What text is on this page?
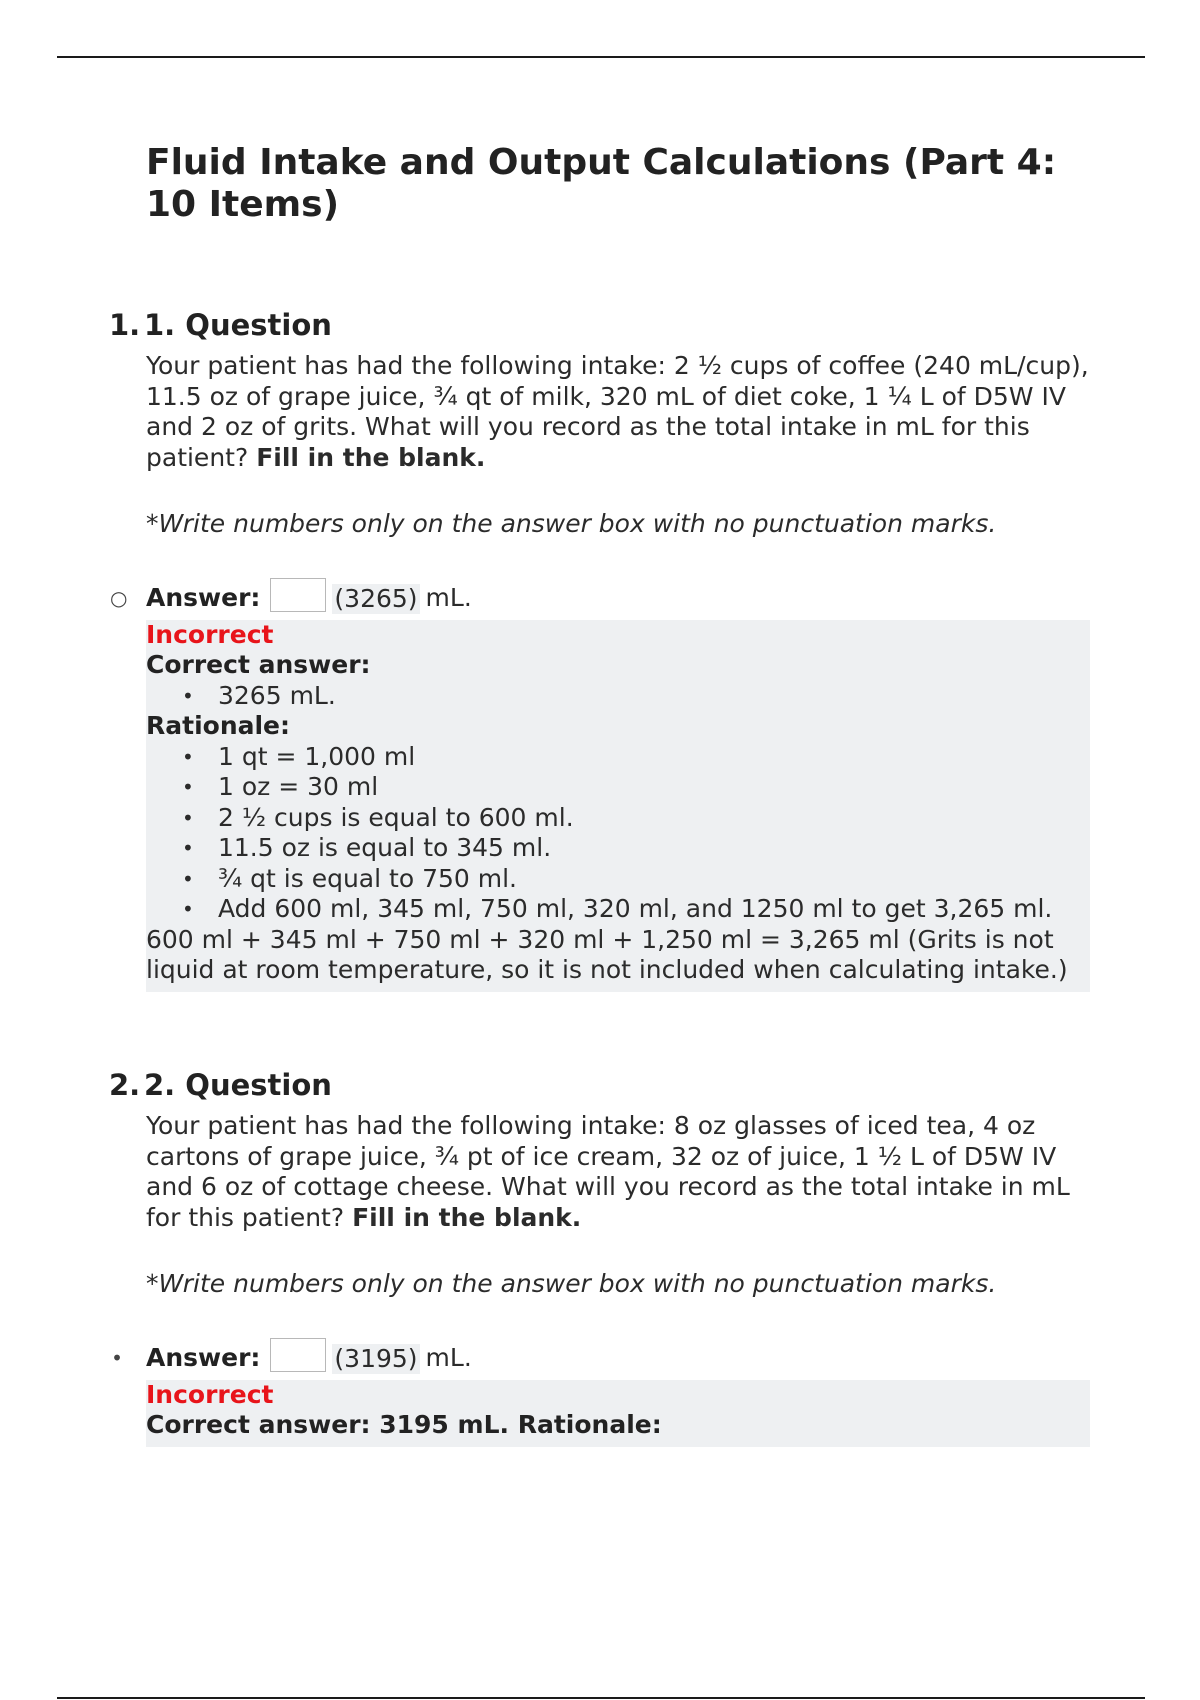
Fluid Intake and Output Calculations (Part 4: 10 Items)
1. 1. Question

Your patient has had the following intake: 2 ½ cups of coffee (240 mL/cup), 11.5 oz of grape juice, ¾ qt of milk, 320 mL of diet coke, 1 ¼ L of D5W IV and 2 oz of grits. What will you record as the total intake in mL for this patient? Fill in the blank.

*Write numbers only on the answer box with no punctuation marks.

○ Answer:	(3265) mL.
Incorrect
Correct answer:
• 3265 mL.
Rationale:
• 1 qt = 1,000 ml
• 1 oz = 30 ml
• 2 ½ cups is equal to 600 ml.
• 11.5 oz is equal to 345 ml.
• ¾ qt is equal to 750 ml.
• Add 600 ml, 345 ml, 750 ml, 320 ml, and 1250 ml to get 3,265 ml.

600 ml + 345 ml + 750 ml + 320 ml + 1,250 ml = 3,265 ml (Grits is not liquid at room temperature, so it is not included when calculating intake.)

2. 2. Question

Your patient has had the following intake: 8 oz glasses of iced tea, 4 oz cartons of grape juice, ¾ pt of ice cream, 32 oz of juice, 1 ½ L of D5W IV and 6 oz of cottage cheese. What will you record as the total intake in mL for this patient? Fill in the blank.

*Write numbers only on the answer box with no punctuation marks.

• Answer:	(3195) mL.
Incorrect
Correct answer: 3195 mL. Rationale:
